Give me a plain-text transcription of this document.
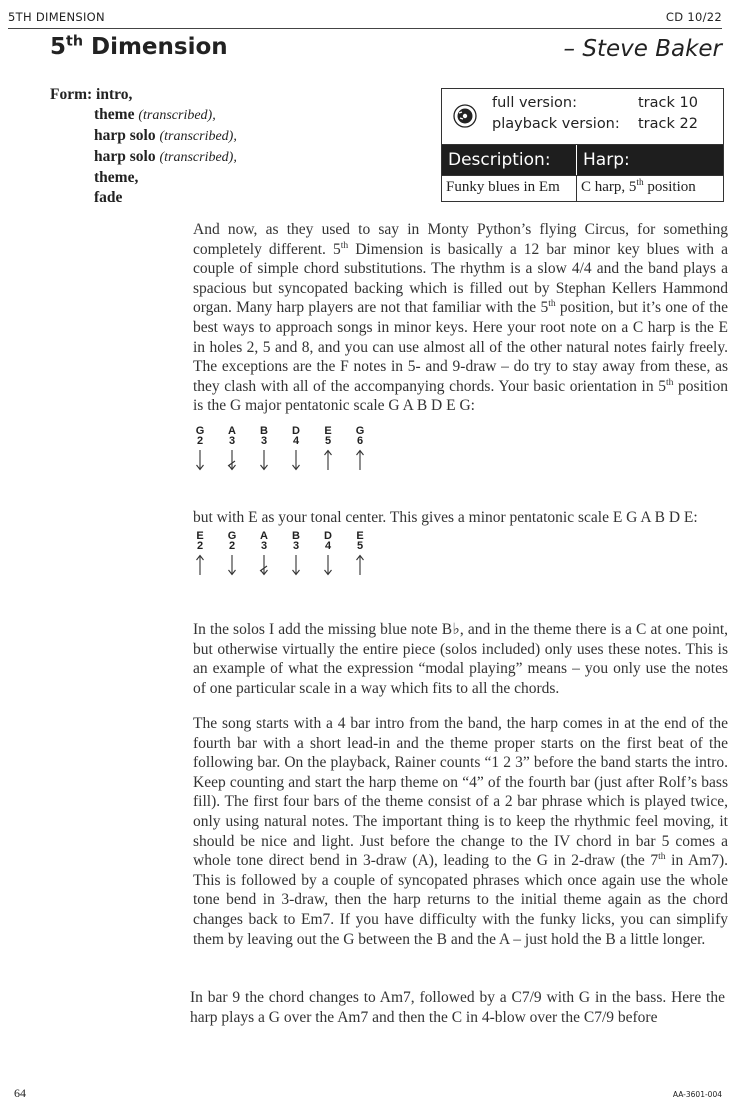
5TH DIMENSION	CD 10/22
5th Dimension	– Steve Baker
Form: intro,
theme (transcribed),
harp solo (transcribed),
harp solo (transcribed),
theme,
fade
full version:	track 10
playback version: track 22
Description:	Harp:
Funky blues in Em	C harp, 5th position
And now, as they used to say in Monty Python’s flying Circus, for something completely different. 5th Dimension is basically a 12 bar minor key blues with a couple of simple chord substitutions. The rhythm is a slow 4/4 and the band plays a spacious but syncopated backing which is filled out by Stephan Kellers Hammond organ. Many harp players are not that familiar with the 5th position, but it’s one of the best ways to approach songs in minor keys. Here your root note on a C harp is the E in holes 2, 5 and 8, and you can use almost all of the other natural notes fairly freely. The exceptions are the F notes in 5- and 9-draw – do try to stay away from these, as they clash with all of the accompanying chords. Your basic orientation in 5th position is the G major pentatonic scale G A B D E G:
G
2
A
3
B
3
D
4
E
5
G
6
but with E as your tonal center. This gives a minor pentatonic scale E G A B D E:
E
2
G
2
A
3
B
3
D
4
E
5
In the solos I add the missing blue note B♭, and in the theme there is a C at one point, but otherwise virtually the entire piece (solos included) only uses these notes. This is an example of what the expression “modal playing” means – you only use the notes of one particular scale in a way which fits to all the chords.
The song starts with a 4 bar intro from the band, the harp comes in at the end of the fourth bar with a short lead-in and the theme proper starts on the first beat of the following bar. On the playback, Rainer counts “1 2 3” before the band starts the intro. Keep counting and start the harp theme on “4” of the fourth bar (just after Rolf’s bass fill). The first four bars of the theme consist of a 2 bar phrase which is played twice, only using natural notes. The important thing is to keep the rhythmic feel moving, it should be nice and light. Just before the change to the IV chord in bar 5 comes a whole tone direct bend in 3-draw (A), leading to the G in 2-draw (the 7th in Am7). This is followed by a couple of syncopated phrases which once again use the whole tone bend in 3-draw, then the harp returns to the initial theme again as the chord changes back to Em7. If you have difficulty with the funky licks, you can simplify them by leaving out the G between the B and the A – just hold the B a little longer.
In bar 9 the chord changes to Am7, followed by a C7/9 with G in the bass. Here the harp plays a G over the Am7 and then the C in 4-blow over the C7/9 before
64	AA-3601-004
